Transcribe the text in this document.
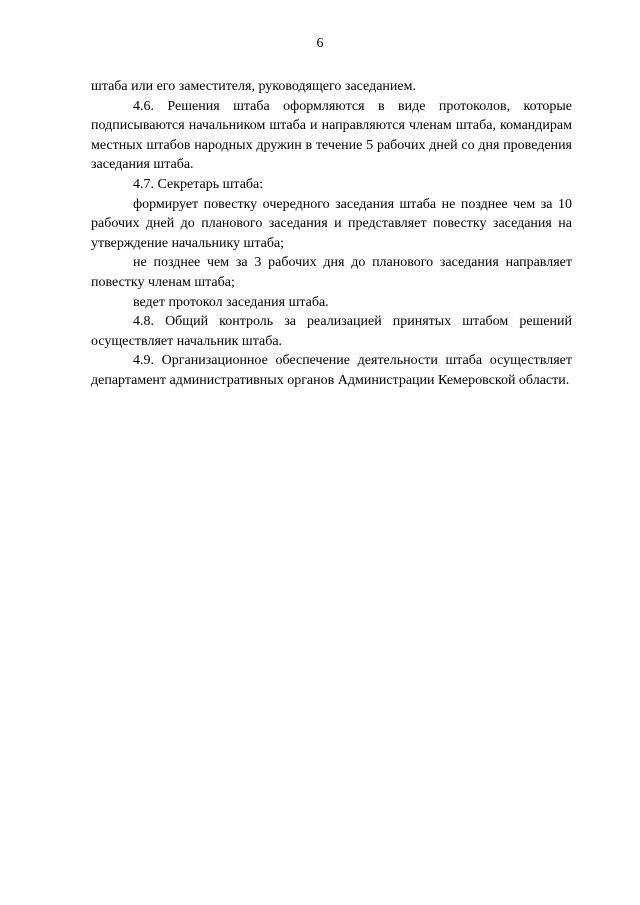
6

штаба или его заместителя, руководящего заседанием.

4.6. Решения штаба оформляются в виде протоколов, которые подписываются начальником штаба и направляются членам штаба, командирам местных штабов народных дружин в течение 5 рабочих дней со дня проведения заседания штаба.

4.7. Секретарь штаба:

формирует повестку очередного заседания штаба не позднее чем за 10 рабочих дней до планового заседания и представляет повестку заседания на утверждение начальнику штаба;

не позднее чем за 3 рабочих дня до планового заседания направляет повестку членам штаба;

ведет протокол заседания штаба.

4.8. Общий контроль за реализацией принятых штабом решений осуществляет начальник штаба.

4.9. Организационное обеспечение деятельности штаба осуществляет департамент административных органов Администрации Кемеровской области.
